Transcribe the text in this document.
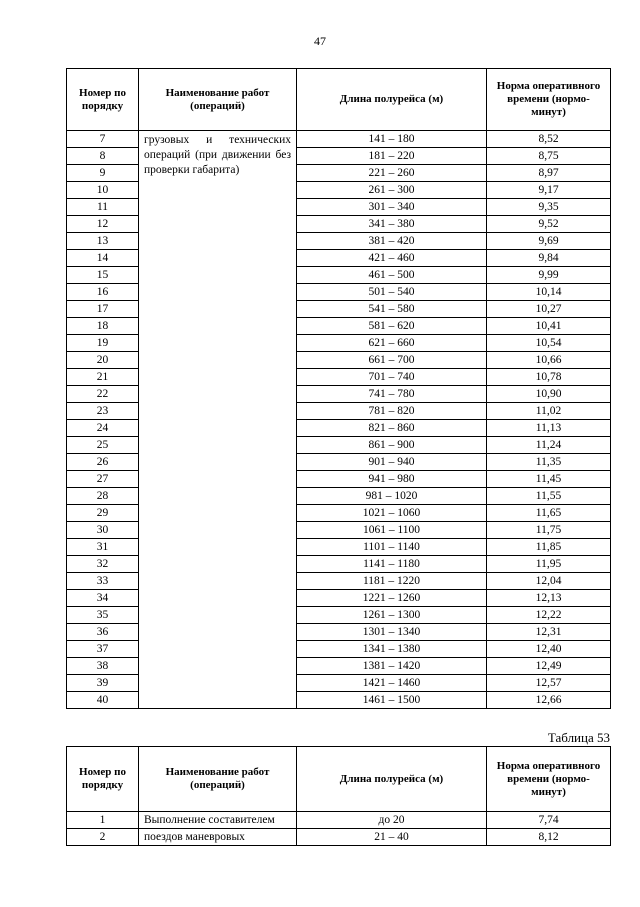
47
Номер по порядку	Наименование работ (операций)	Длина полурейса (м)	Норма оперативного времени (нормо-минут)
7	грузовых и технических операций (при движении без проверки габарита)	141 – 180	8,52
8		181 – 220	8,75
9		221 – 260	8,97
10		261 – 300	9,17
11		301 – 340	9,35
12		341 – 380	9,52
13		381 – 420	9,69
14		421 – 460	9,84
15		461 – 500	9,99
16		501 – 540	10,14
17		541 – 580	10,27
18		581 – 620	10,41
19		621 – 660	10,54
20		661 – 700	10,66
21		701 – 740	10,78
22		741 – 780	10,90
23		781 – 820	11,02
24		821 – 860	11,13
25		861 – 900	11,24
26		901 – 940	11,35
27		941 – 980	11,45
28		981 – 1020	11,55
29		1021 – 1060	11,65
30		1061 – 1100	11,75
31		1101 – 1140	11,85
32		1141 – 1180	11,95
33		1181 – 1220	12,04
34		1221 – 1260	12,13
35		1261 – 1300	12,22
36		1301 – 1340	12,31
37		1341 – 1380	12,40
38		1381 – 1420	12,49
39		1421 – 1460	12,57
40		1461 – 1500	12,66
Таблица 53
Номер по порядку	Наименование работ (операций)	Длина полурейса (м)	Норма оперативного времени (нормо-минут)
1	Выполнение составителем	до 20	7,74
2	поездов маневровых	21 – 40	8,12
